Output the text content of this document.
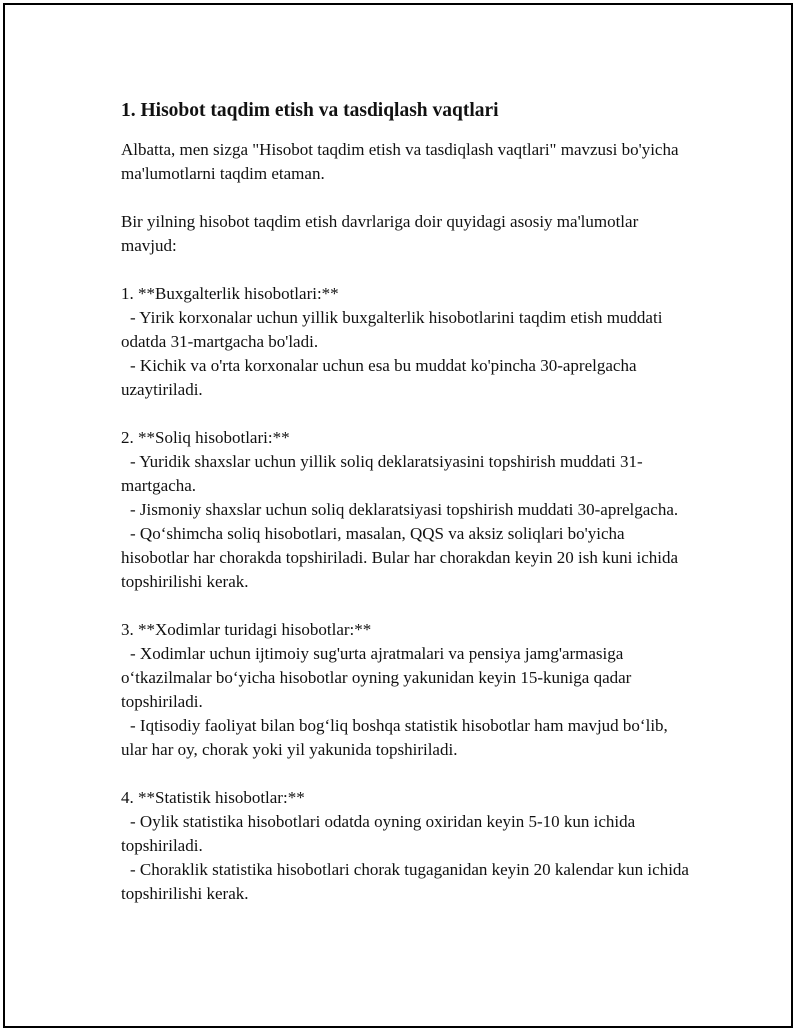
1. Hisobot taqdim etish va tasdiqlash vaqtlari

Albatta, men sizga "Hisobot taqdim etish va tasdiqlash vaqtlari" mavzusi bo'yicha ma'lumotlarni taqdim etaman.

Bir yilning hisobot taqdim etish davrlariga doir quyidagi asosiy ma'lumotlar mavjud:

1. **Buxgalterlik hisobotlari:**

- Yirik korxonalar uchun yillik buxgalterlik hisobotlarini taqdim etish muddati odatda 31-martgacha bo'ladi.

- Kichik va o'rta korxonalar uchun esa bu muddat ko'pincha 30-aprelgacha uzaytiriladi.

2. **Soliq hisobotlari:**

- Yuridik shaxslar uchun yillik soliq deklaratsiyasini topshirish muddati 31-martgacha.

- Jismoniy shaxslar uchun soliq deklaratsiyasi topshirish muddati 30-aprelgacha.

- Qo‘shimcha soliq hisobotlari, masalan, QQS va aksiz soliqlari bo'yicha hisobotlar har chorakda topshiriladi. Bular har chorakdan keyin 20 ish kuni ichida topshirilishi kerak.

3. **Xodimlar turidagi hisobotlar:**

- Xodimlar uchun ijtimoiy sug'urta ajratmalari va pensiya jamg'armasiga o‘tkazilmalar bo‘yicha hisobotlar oyning yakunidan keyin 15-kuniga qadar topshiriladi.

- Iqtisodiy faoliyat bilan bog‘liq boshqa statistik hisobotlar ham mavjud bo‘lib, ular har oy, chorak yoki yil yakunida topshiriladi.

4. **Statistik hisobotlar:**

- Oylik statistika hisobotlari odatda oyning oxiridan keyin 5-10 kun ichida topshiriladi.

- Choraklik statistika hisobotlari chorak tugaganidan keyin 20 kalendar kun ichida topshirilishi kerak.
